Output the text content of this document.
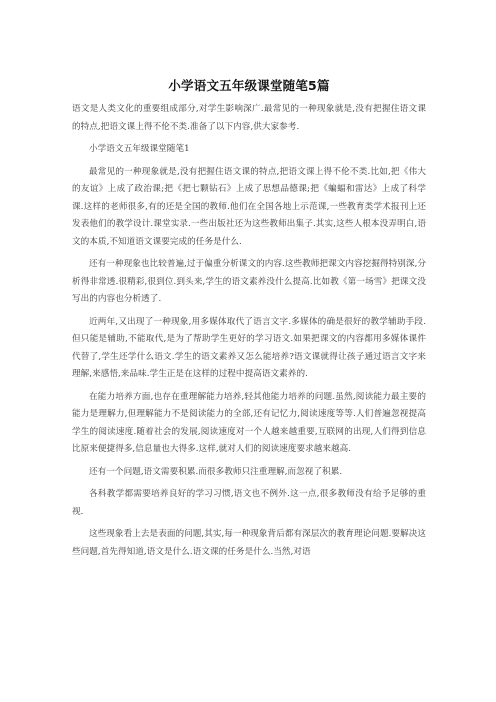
小学语文五年级课堂随笔5篇

语文是人类文化的重要组成部分,对学生影响深广.最常见的一种现象就是,没有把握住语文课的特点,把语文课上得不伦不类.准备了以下内容,供大家参考.

小学语文五年级课堂随笔1

最常见的一种现象就是,没有把握住语文课的特点,把语文课上得不伦不类.比如,把《伟大的友谊》上成了政治课;把《把七颗钻石》上成了思想品德课;把《蝙蝠和雷达》上成了科学课.这样的老师很多,有的还是全国的教师.他们在全国各地上示范课,一些教育类学术报刊上还发表他们的教学设计.课堂实录.一些出版社还为这些教师出集子.其实,这些人根本没弄明白,语文的本质,不知道语文课要完成的任务是什么.

还有一种现象也比较普遍,过于偏重分析课文的内容.这些教师把课文内容挖掘得特别深,分析得非常透.很精彩,很到位.到头来,学生的语文素养没什么提高.比如教《第一场雪》把课文没写出的内容也分析透了.

近两年,又出现了一种现象,用多媒体取代了语言文字.多媒体的确是很好的教学辅助手段.但只能是辅助,不能取代,是为了帮助学生更好的学习语文.如果把课文的内容都用多媒体课件代替了,学生还学什么语文.学生的语文素养又怎么能培养?语文课就得让孩子通过语言文字来理解,来感悟,来品味.学生正是在这样的过程中提高语文素养的.

在能力培养方面,也存在重理解能力培养,轻其他能力培养的问题.虽然,阅读能力最主要的能力是理解力,但理解能力不是阅读能力的全部,还有记忆力,阅读速度等等.人们普遍忽视提高学生的阅读速度.随着社会的发展,阅读速度对一个人越来越重要,互联网的出现,人们得到信息比原来便捷得多,信息量也大得多.这样,就对人们的阅读速度要求越来越高.

还有一个问题,语文需要积累.而很多教师只注重理解,而忽视了积累.

各科教学都需要培养良好的学习习惯,语文也不例外.这一点,很多教师没有给予足够的重视.

这些现象看上去是表面的问题,其实,每一种现象背后都有深层次的教育理论问题.要解决这些问题,首先得知道,语文是什么.语文课的任务是什么.当然,对语
